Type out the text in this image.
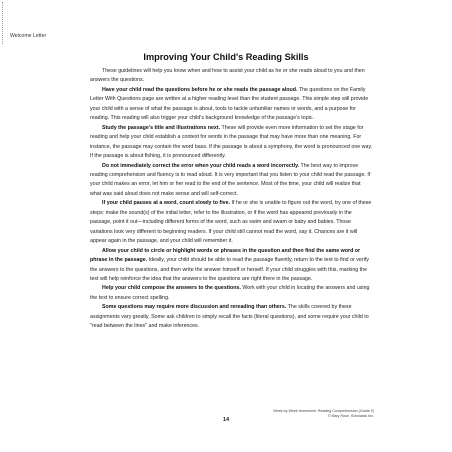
Welcome Letter
Improving Your Child's Reading Skills

These guidelines will help you know when and how to assist your child as he or she reads aloud to you and then answers the questions.

Have your child read the questions before he or she reads the passage aloud. The questions on the Family Letter With Questions page are written at a higher reading level than the student passage. This simple step will provide your child with a sense of what the passage is about, tools to tackle unfamiliar names or words, and a purpose for reading. This reading will also trigger your child's background knowledge of the passage's topic.

Study the passage's title and illustrations next. These will provide even more information to set the stage for reading and help your child establish a context for words in the passage that may have more than one meaning. For instance, the passage may contain the word bass. If the passage is about a symphony, the word is pronounced one way. If the passage is about fishing, it is pronounced differently.

Do not immediately correct the error when your child reads a word incorrectly. The best way to improve reading comprehension and fluency is to read aloud. It is very important that you listen to your child read the passage. If your child makes an error, let him or her read to the end of the sentence. Most of the time, your child will realize that what was said aloud does not make sense and will self-correct.

If your child pauses at a word, count slowly to five. If he or she is unable to figure out the word, try one of these steps: make the sound(s) of the initial letter, refer to the illustration, or if the word has appeared previously in the passage, point it out—including different forms of the word, such as swim and swam or baby and babies. Those variations look very different to beginning readers. If your child still cannot read the word, say it. Chances are it will appear again in the passage, and your child will remember it.

Allow your child to circle or highlight words or phrases in the question and then find the same word or phrase in the passage. Ideally, your child should be able to read the passage fluently, return to the text to find or verify the answers to the questions, and then write the answer himself or herself. If your child struggles with this, marking the text will help reinforce the idea that the answers to the questions are right there in the passage.

Help your child compose the answers to the questions. Work with your child in locating the answers and using the text to ensure correct spelling.

Some questions may require more discussion and rereading than others. The skills covered by these assignments vary greatly. Some ask children to simply recall the facts (literal questions), and some require your child to "read between the lines" and make inferences.

Week-by-Week Homework: Reading Comprehension (Grade 2)
© Mary Rose, Scholastic Inc.
14
